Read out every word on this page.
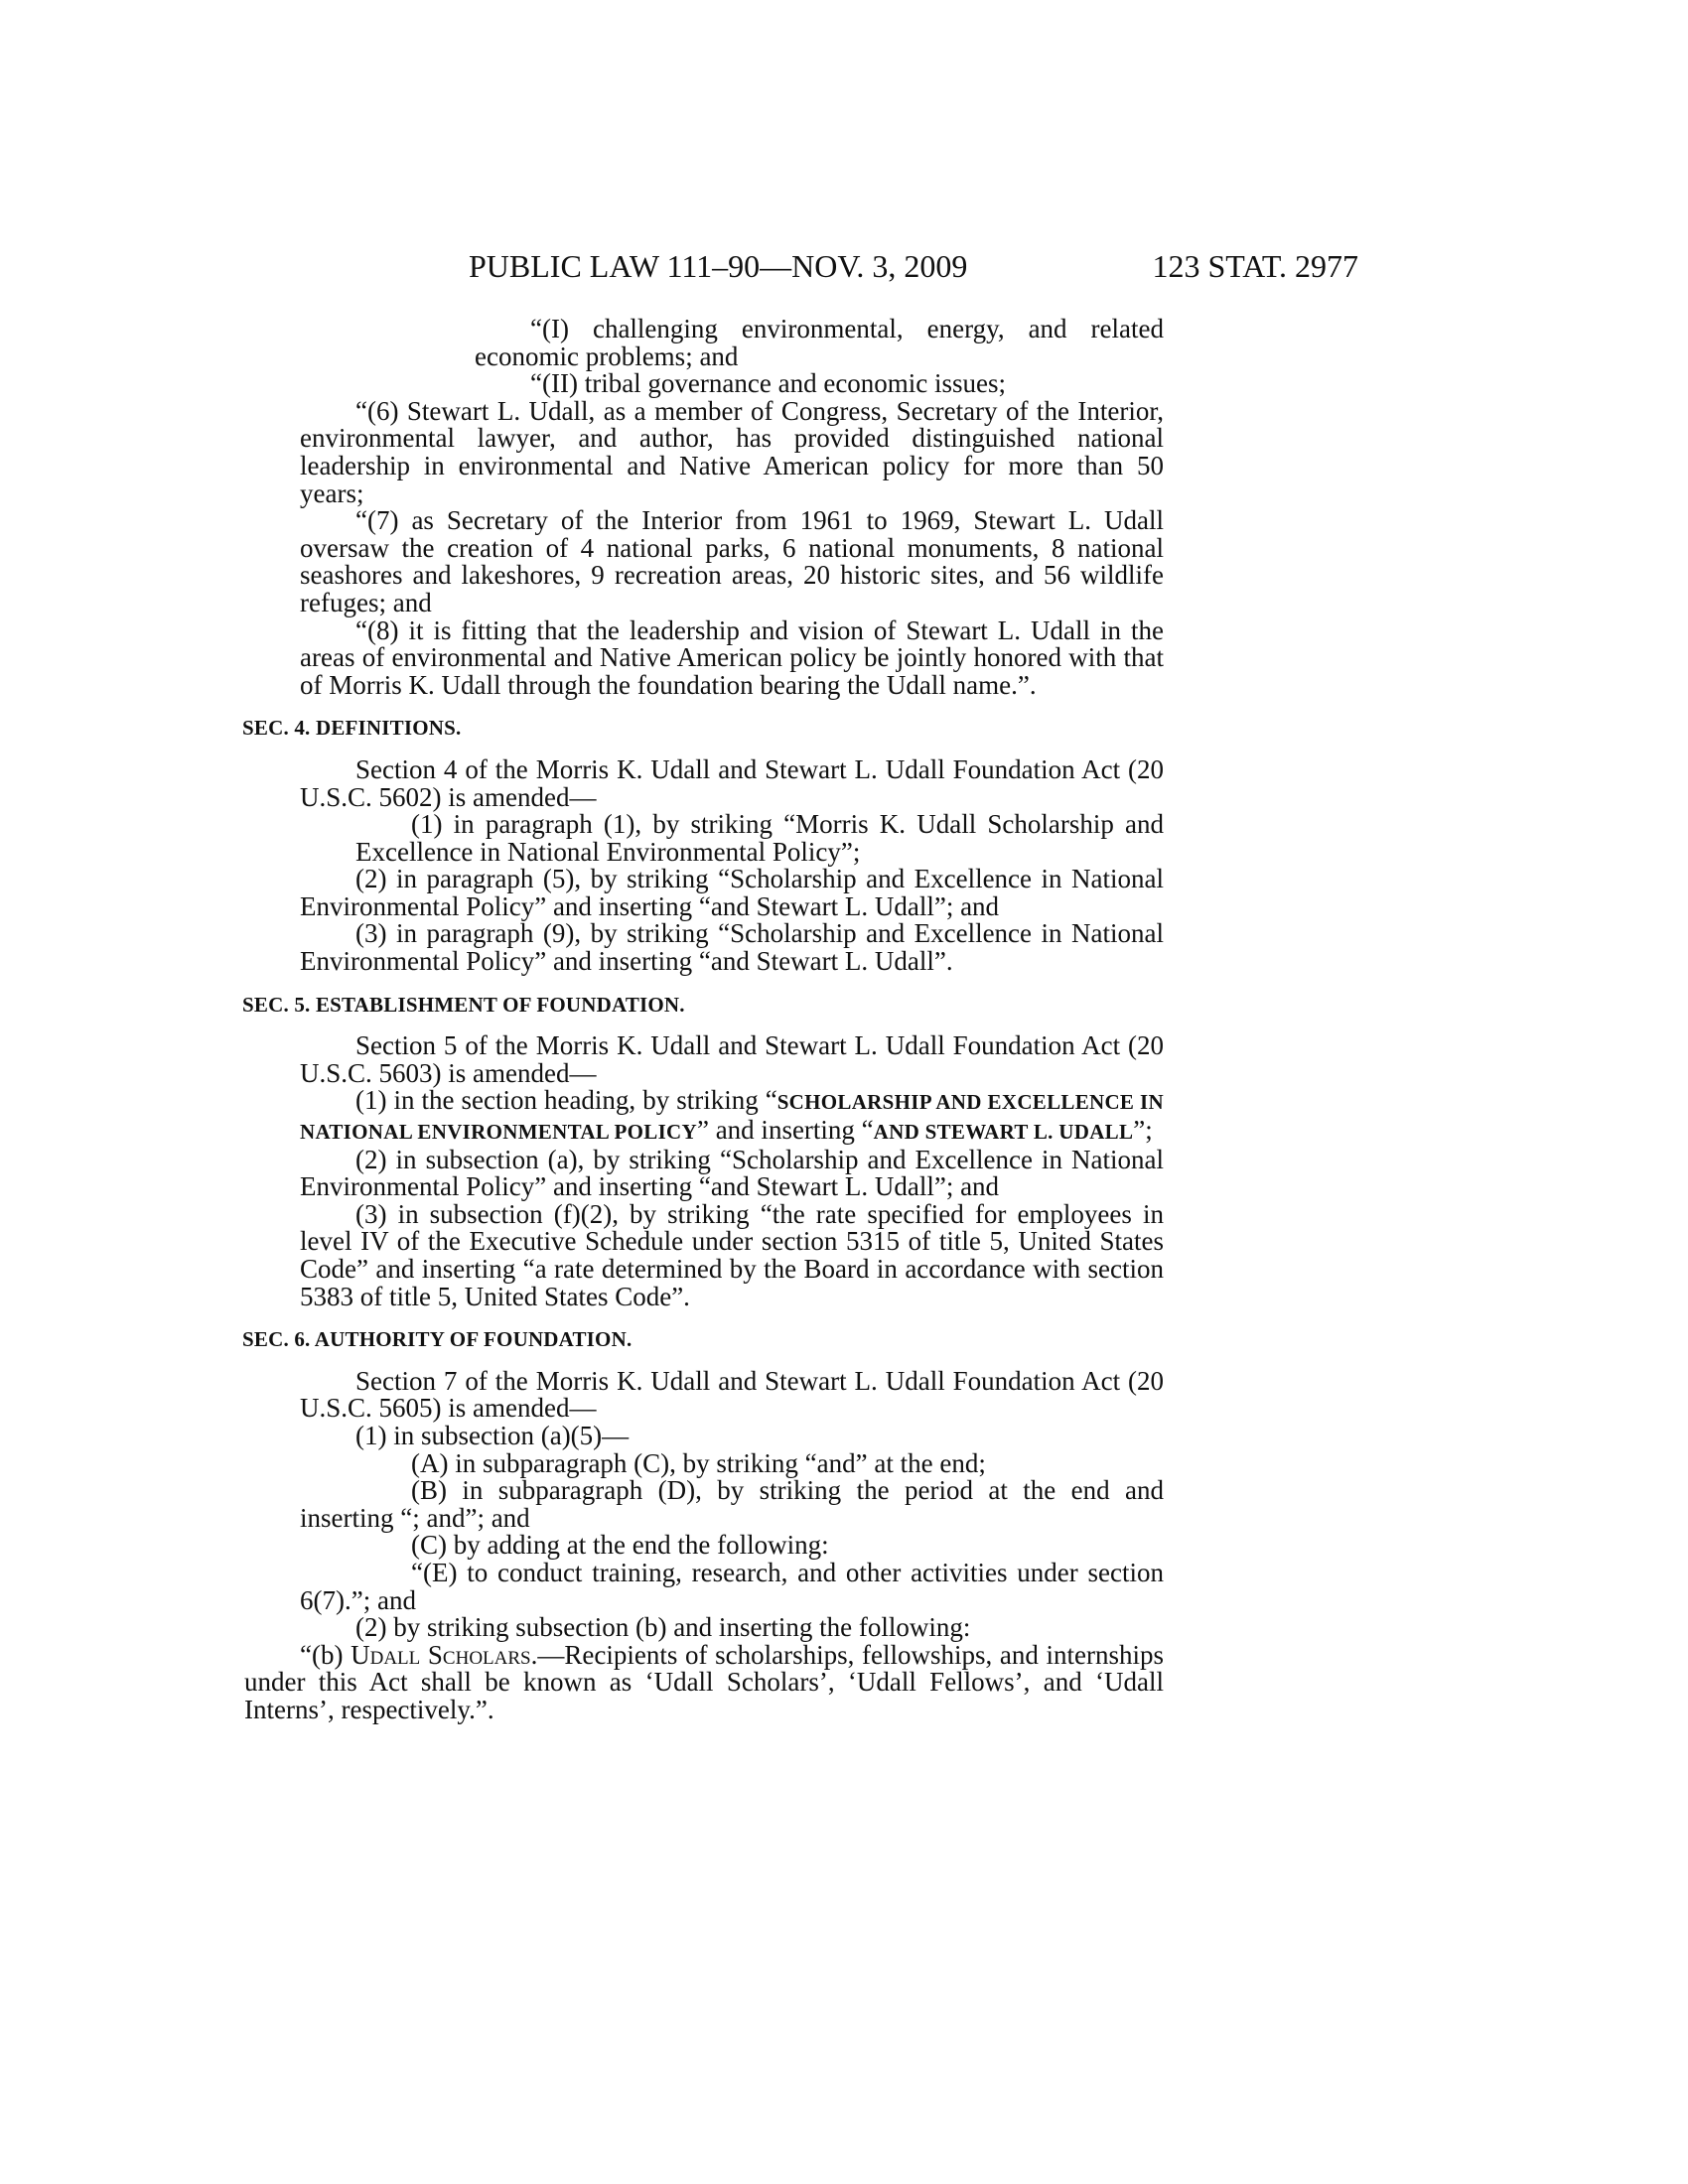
PUBLIC LAW 111–90—NOV. 3, 2009	123 STAT. 2977

“(I) challenging environmental, energy, and related economic problems; and

“(II) tribal governance and economic issues;

“(6) Stewart L. Udall, as a member of Congress, Secretary of the Interior, environmental lawyer, and author, has provided distinguished national leadership in environmental and Native American policy for more than 50 years;

“(7) as Secretary of the Interior from 1961 to 1969, Stewart L. Udall oversaw the creation of 4 national parks, 6 national monuments, 8 national seashores and lakeshores, 9 recreation areas, 20 historic sites, and 56 wildlife refuges; and

“(8) it is fitting that the leadership and vision of Stewart L. Udall in the areas of environmental and Native American policy be jointly honored with that of Morris K. Udall through the foundation bearing the Udall name.”.

SEC. 4. DEFINITIONS.

Section 4 of the Morris K. Udall and Stewart L. Udall Foundation Act (20 U.S.C. 5602) is amended—

(1) in paragraph (1), by striking “Morris K. Udall Scholarship and Excellence in National Environmental Policy”;

(2) in paragraph (5), by striking “Scholarship and Excellence in National Environmental Policy” and inserting “and Stewart L. Udall”; and

(3) in paragraph (9), by striking “Scholarship and Excellence in National Environmental Policy” and inserting “and Stewart L. Udall”.

SEC. 5. ESTABLISHMENT OF FOUNDATION.

Section 5 of the Morris K. Udall and Stewart L. Udall Foundation Act (20 U.S.C. 5603) is amended—

(1) in the section heading, by striking “SCHOLARSHIP AND EXCELLENCE IN NATIONAL ENVIRONMENTAL POLICY” and inserting “AND STEWART L. UDALL”;

(2) in subsection (a), by striking “Scholarship and Excellence in National Environmental Policy” and inserting “and Stewart L. Udall”; and

(3) in subsection (f)(2), by striking “the rate specified for employees in level IV of the Executive Schedule under section 5315 of title 5, United States Code” and inserting “a rate determined by the Board in accordance with section 5383 of title 5, United States Code”.

SEC. 6. AUTHORITY OF FOUNDATION.

Section 7 of the Morris K. Udall and Stewart L. Udall Foundation Act (20 U.S.C. 5605) is amended—

(1) in subsection (a)(5)—

(A) in subparagraph (C), by striking “and” at the end;

(B) in subparagraph (D), by striking the period at the end and inserting “; and”; and

(C) by adding at the end the following:

“(E) to conduct training, research, and other activities under section 6(7).”; and

(2) by striking subsection (b) and inserting the following:

“(b) Udall Scholars.—Recipients of scholarships, fellowships, and internships under this Act shall be known as ‘Udall Scholars’, ‘Udall Fellows’, and ‘Udall Interns’, respectively.”.
